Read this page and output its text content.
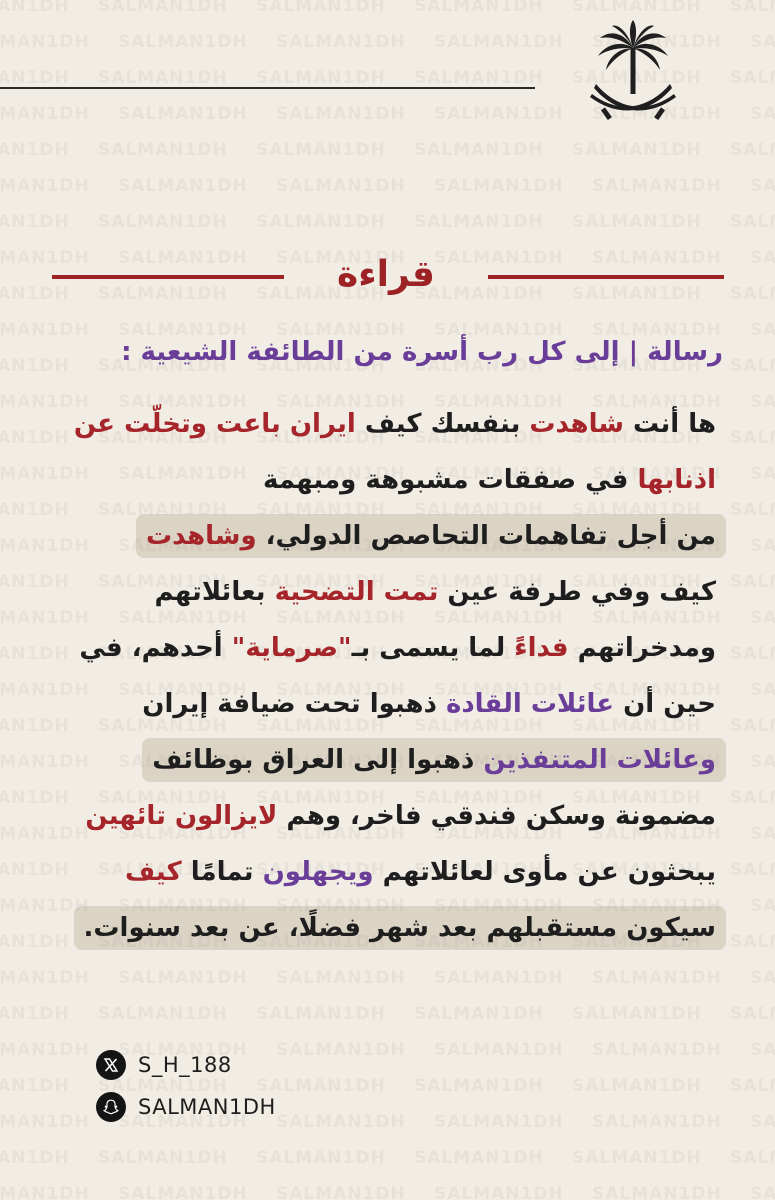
قراءة
رسالة | إلى كل رب أسرة من الطائفة الشيعية :

ها أنت شاهدت بنفسك كيف ايران باعت وتخلّت عن

اذنابها في صفقات مشبوهة ومبهمة

من أجل تفاهمات التحاصص الدولي، وشاهدت

كيف وفي طرفة عين تمت التضحية بعائلاتهم

ومدخراتهم فداءً لما يسمى بـ"صرماية" أحدهم، في

حين أن عائلات القادة ذهبوا تحت ضيافة إيران

وعائلات المتنفذين ذهبوا إلى العراق بوظائف

مضمونة وسكن فندقي فاخر، وهم لايزالون تائهين

يبحثون عن مأوى لعائلاتهم ويجهلون تمامًا كيف

سيكون مستقبلهم بعد شهر فضلًا، عن بعد سنوات.

S_H_188
SALMAN1DH
